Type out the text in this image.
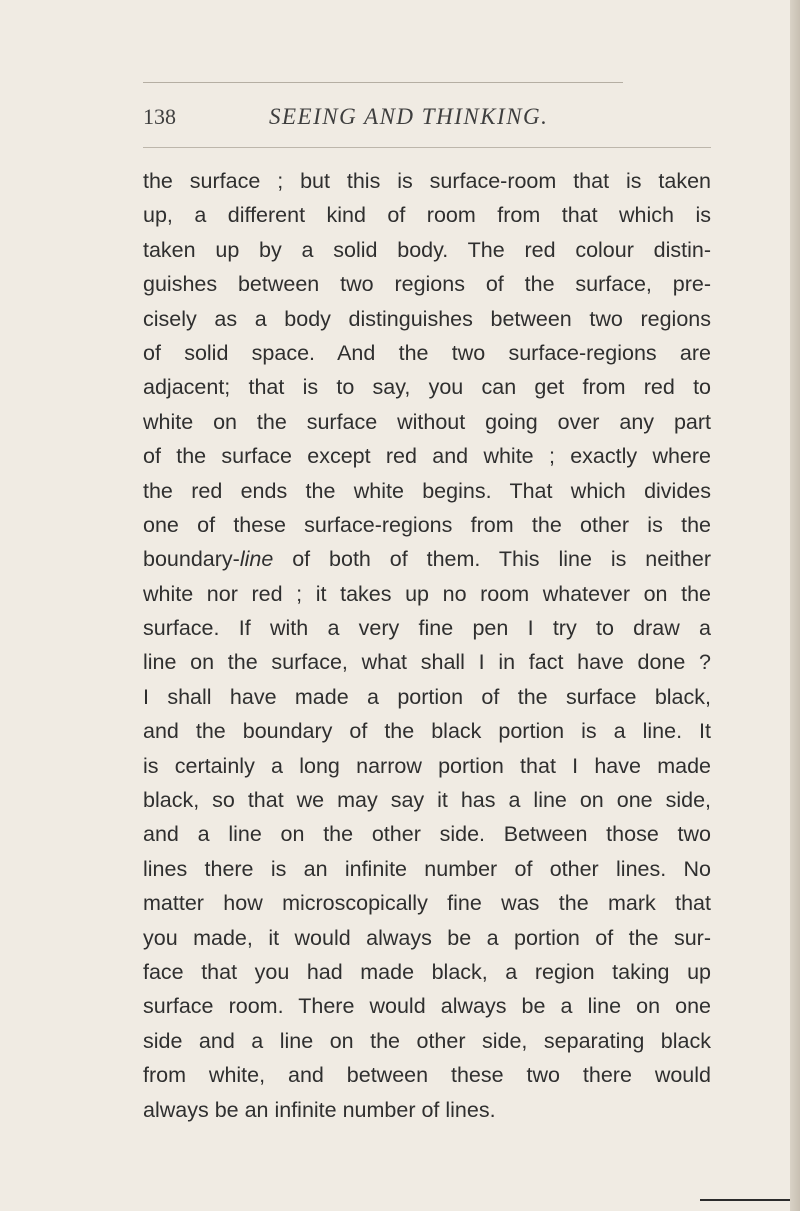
138	SEEING AND THINKING.
the surface ; but this is surface-room that is taken
up, a different kind of room from that which is
taken up by a solid body. The red colour distin-
guishes between two regions of the surface, pre-
cisely as a body distinguishes between two regions
of solid space. And the two surface-regions are
adjacent; that is to say, you can get from red to
white on the surface without going over any part
of the surface except red and white ; exactly where
the red ends the white begins. That which divides
one of these surface-regions from the other is the
boundary-line of both of them. This line is neither
white nor red ; it takes up no room whatever on the
surface. If with a very fine pen I try to draw a
line on the surface, what shall I in fact have done ?
I shall have made a portion of the surface black,
and the boundary of the black portion is a line. It
is certainly a long narrow portion that I have made
black, so that we may say it has a line on one side,
and a line on the other side. Between those two
lines there is an infinite number of other lines. No
matter how microscopically fine was the mark that
you made, it would always be a portion of the sur-
face that you had made black, a region taking up
surface room. There would always be a line on one
side and a line on the other side, separating black
from white, and between these two there would
always be an infinite number of lines.
